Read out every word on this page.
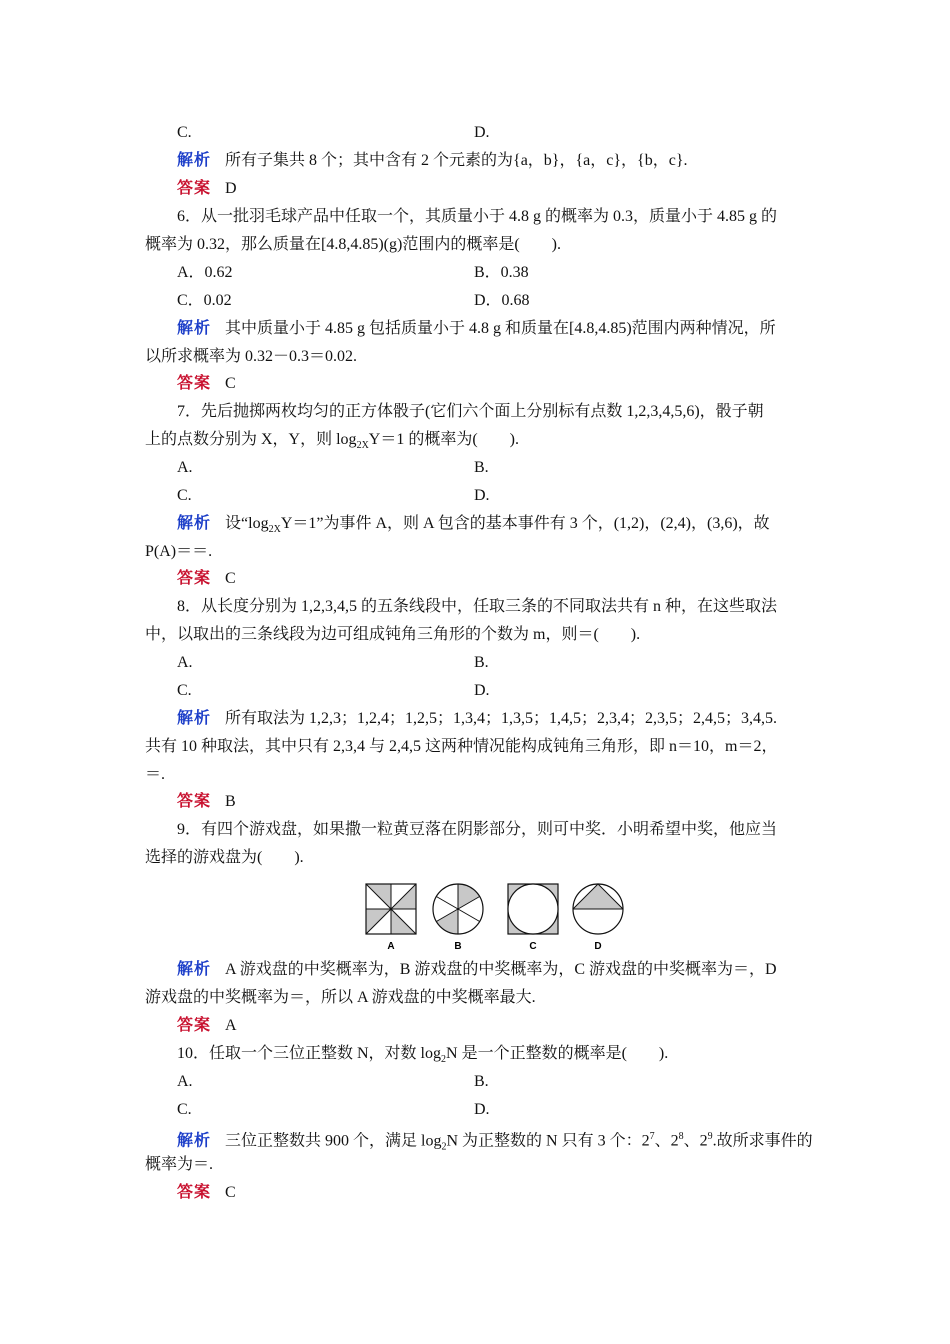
C.	D.
解析 所有子集共 8 个；其中含有 2 个元素的为{a，b}，{a，c}，{b，c}.
答案 D
6．从一批羽毛球产品中任取一个，其质量小于 4.8 g 的概率为 0.3，质量小于 4.85 g 的
概率为 0.32，那么质量在[4.8,4.85)(g)范围内的概率是(　　).
A．0.62	B．0.38
C．0.02	D．0.68
解析 其中质量小于 4.85 g 包括质量小于 4.8 g 和质量在[4.8,4.85)范围内两种情况，所
以所求概率为 0.32－0.3＝0.02.
答案 C
7．先后抛掷两枚均匀的正方体骰子(它们六个面上分别标有点数 1,2,3,4,5,6)，骰子朝
上的点数分别为 X，Y，则 $\log_{2X}Y=1$ 的概率为(　　).
A.	B.
C.	D.
解析 设“$\log_{2X}Y=1$”为事件 A，则 A 包含的基本事件有 3 个，(1,2)，(2,4)，(3,6)，故
P(A)＝＝.
答案 C
8．从长度分别为 1,2,3,4,5 的五条线段中，任取三条的不同取法共有 n 种，在这些取法
中，以取出的三条线段为边可组成钝角三角形的个数为 m，则＝(　　).
A.	B.
C.	D.
解析 所有取法为 1,2,3；1,2,4；1,2,5；1,3,4；1,3,5；1,4,5；2,3,4；2,3,5；2,4,5；3,4,5.
共有 10 种取法，其中只有 2,3,4 与 2,4,5 这两种情况能构成钝角三角形，即 n＝10，m＝2，
＝.
答案 B
9．有四个游戏盘，如果撒一粒黄豆落在阴影部分，则可中奖．小明希望中奖，他应当
选择的游戏盘为(　　).
A	B	C	D
解析 A 游戏盘的中奖概率为，B 游戏盘的中奖概率为，C 游戏盘的中奖概率为＝，D
游戏盘的中奖概率为＝，所以 A 游戏盘的中奖概率最大.
答案 A
10．任取一个三位正整数 N，对数 $\log_2N$ 是一个正整数的概率是(　　).
A.	B.
C.	D.
解析 三位正整数共 900 个，满足 $\log_2N$ 为正整数的 N 只有 3 个：$2^7$、$2^8$、$2^9$.故所求事件的
概率为＝.
答案 C
